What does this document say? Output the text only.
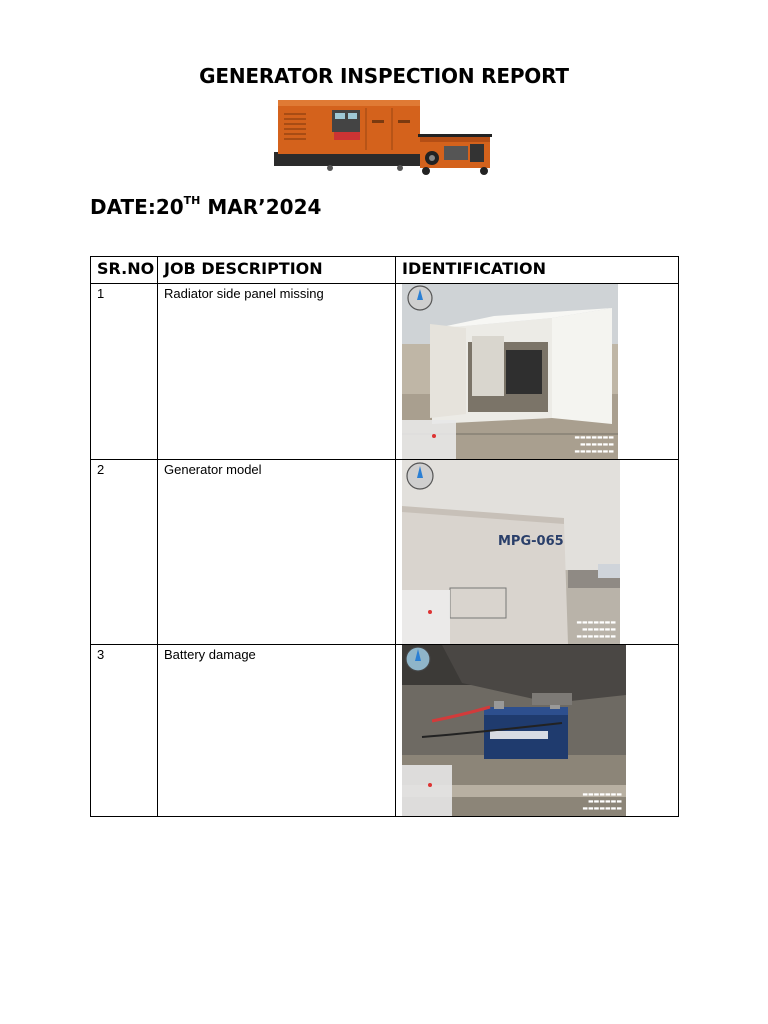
GENERATOR INSPECTION REPORT
DATE:20TH MAR’2024
SR.NO	JOB DESCRIPTION	IDENTIFICATION
1	Radiator side panel missing	▬▬▬▬▬▬▬
▬▬▬▬▬▬
▬▬▬▬▬▬▬

2	Generator model	MPG-065
▬▬▬▬▬▬▬
▬▬▬▬▬▬
▬▬▬▬▬▬▬

3	Battery damage	▬▬▬▬▬▬▬
▬▬▬▬▬▬
▬▬▬▬▬▬▬
